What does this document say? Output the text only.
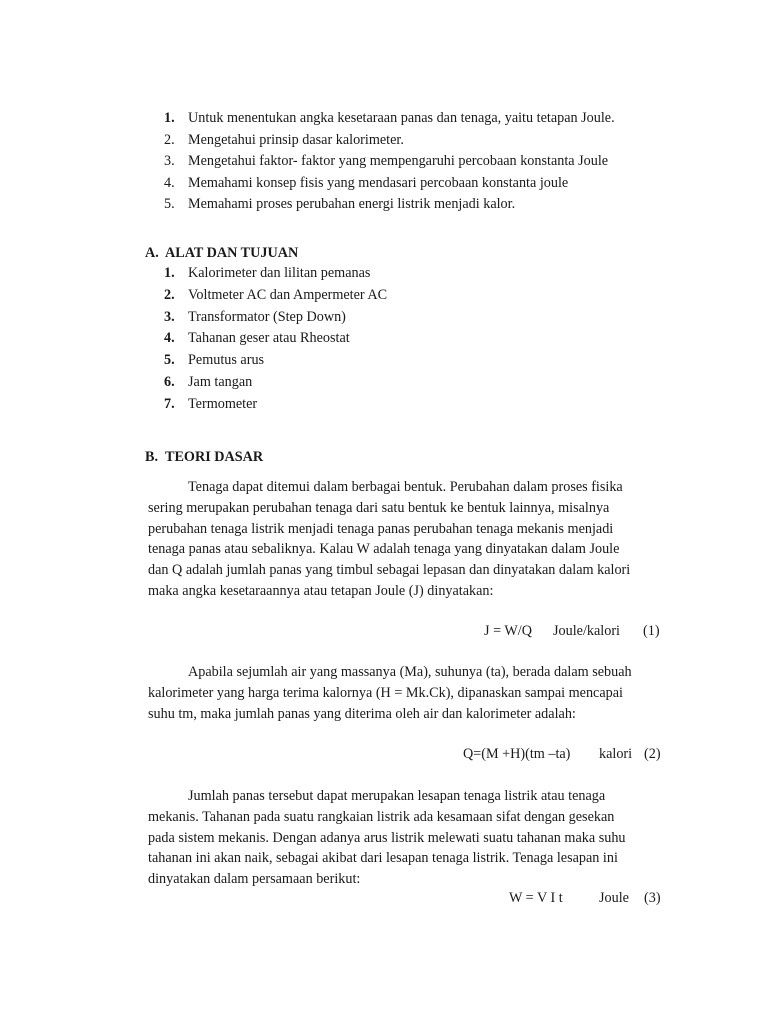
1. Untuk menentukan angka kesetaraan panas dan tenaga, yaitu tetapan Joule.
2. Mengetahui prinsip dasar kalorimeter.
3. Mengetahui faktor- faktor yang mempengaruhi percobaan konstanta Joule
4. Memahami konsep fisis yang mendasari percobaan konstanta joule
5. Memahami proses perubahan energi listrik menjadi kalor.
A. ALAT DAN TUJUAN
1. Kalorimeter dan lilitan pemanas
2. Voltmeter AC dan Ampermeter AC
3. Transformator (Step Down)
4. Tahanan geser atau Rheostat
5. Pemutus arus
6. Jam tangan
7. Termometer
B. TEORI DASAR
Tenaga dapat ditemui dalam berbagai bentuk. Perubahan dalam proses fisika
sering merupakan perubahan tenaga dari satu bentuk ke bentuk lainnya, misalnya
perubahan tenaga listrik menjadi tenaga panas perubahan tenaga mekanis menjadi
tenaga panas atau sebaliknya. Kalau W adalah tenaga yang dinyatakan dalam Joule
dan Q adalah jumlah panas yang timbul sebagai lepasan dan dinyatakan dalam kalori
maka angka kesetaraannya atau tetapan Joule (J) dinyatakan:
J = W/Q Joule/kalori (1)
Apabila sejumlah air yang massanya (Ma), suhunya (ta), berada dalam sebuah
kalorimeter yang harga terima kalornya (H = Mk.Ck), dipanaskan sampai mencapai
suhu tm, maka jumlah panas yang diterima oleh air dan kalorimeter adalah:
Q=(M +H)(tm –ta) kalori (2)
Jumlah panas tersebut dapat merupakan lesapan tenaga listrik atau tenaga
mekanis. Tahanan pada suatu rangkaian listrik ada kesamaan sifat dengan gesekan
pada sistem mekanis. Dengan adanya arus listrik melewati suatu tahanan maka suhu
tahanan ini akan naik, sebagai akibat dari lesapan tenaga listrik. Tenaga lesapan ini
dinyatakan dalam persamaan berikut:
W = V I t	Joule (3)
